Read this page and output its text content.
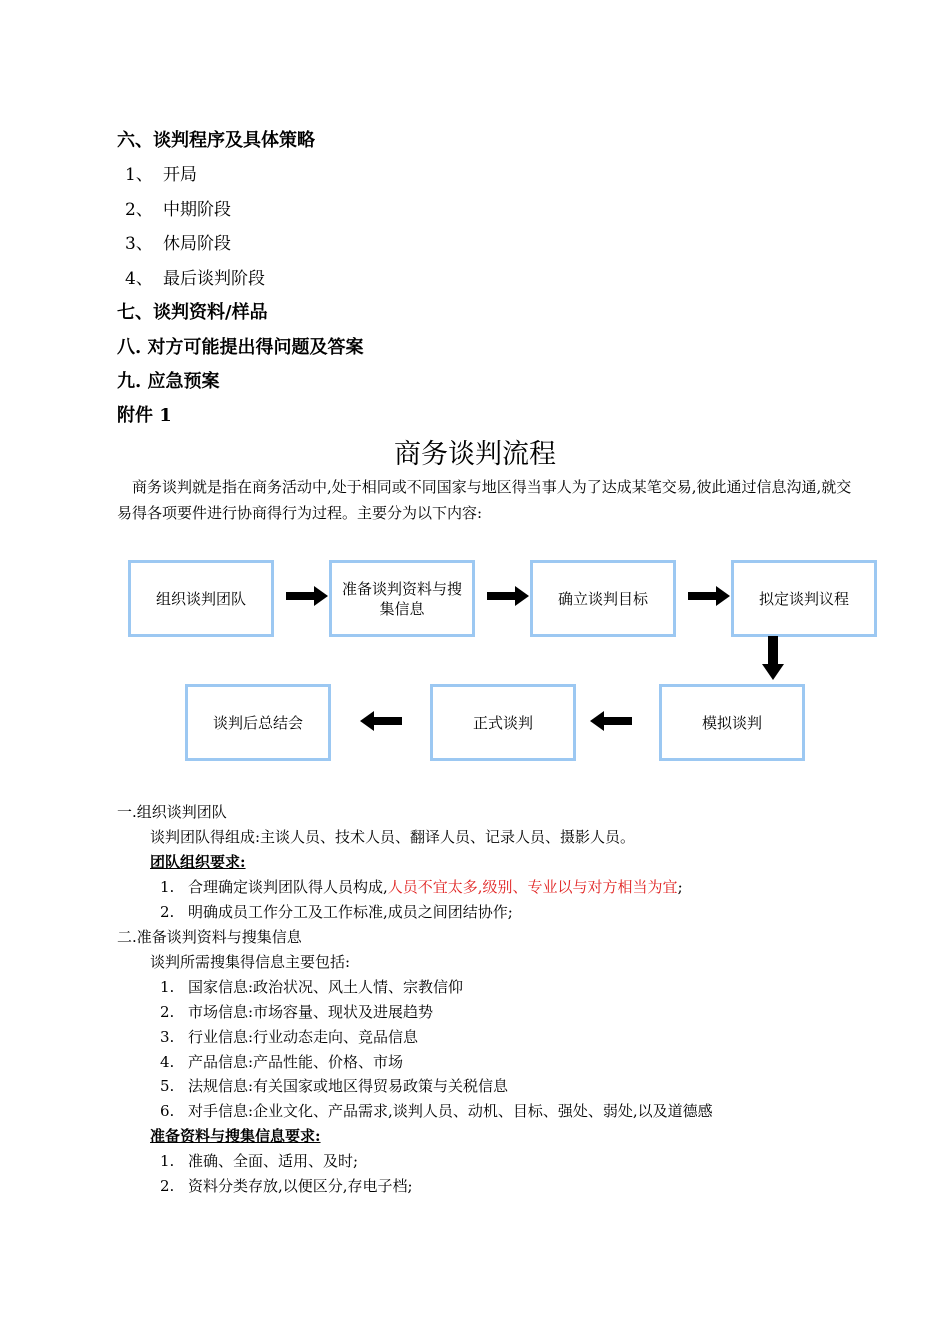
六、谈判程序及具体策略
1、 开局
2、 中期阶段
3、 休局阶段
4、 最后谈判阶段
七、谈判资料/样品
八. 对方可能提出得问题及答案
九. 应急预案
附件 1
商务谈判流程
商务谈判就是指在商务活动中,处于相同或不同国家与地区得当事人为了达成某笔交易,彼此通过信息沟通,就交易得各项要件进行协商得行为过程。主要分为以下内容:
组织谈判团队
准备谈判资料与搜集信息
确立谈判目标	拟定谈判议程
谈判后总结会	正式谈判	模拟谈判
一.组织谈判团队
谈判团队得组成:主谈人员、技术人员、翻译人员、记录人员、摄影人员。
团队组织要求:
1. 合理确定谈判团队得人员构成,人员不宜太多,级别、专业以与对方相当为宜;
2. 明确成员工作分工及工作标准,成员之间团结协作;
二.准备谈判资料与搜集信息
谈判所需搜集得信息主要包括:
1. 国家信息:政治状况、风土人情、宗教信仰
2. 市场信息:市场容量、现状及进展趋势
3. 行业信息:行业动态走向、竞品信息
4. 产品信息:产品性能、价格、市场
5. 法规信息:有关国家或地区得贸易政策与关税信息
6. 对手信息:企业文化、产品需求,谈判人员、动机、目标、强处、弱处,以及道德感
准备资料与搜集信息要求:
1. 准确、全面、适用、及时;
2. 资料分类存放,以便区分,存电子档;
